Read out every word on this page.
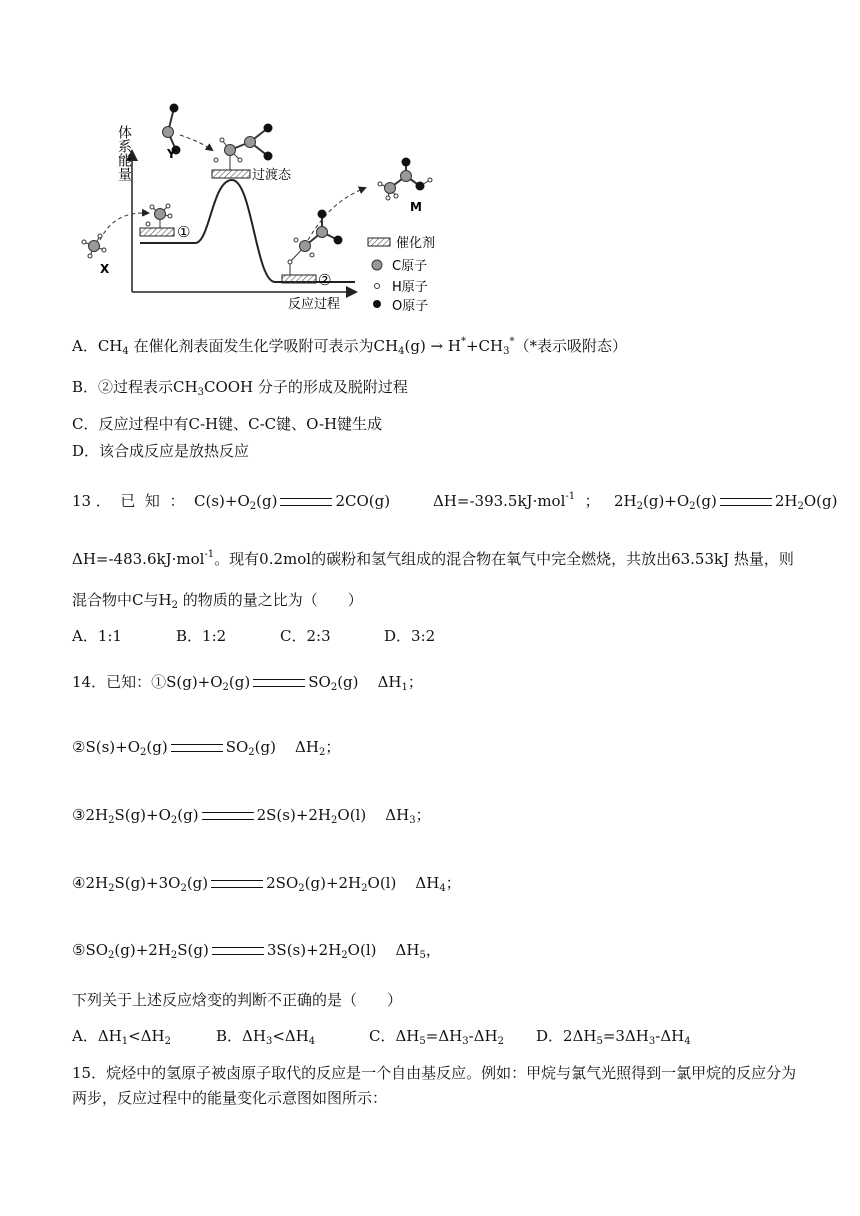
体系能量
反应过程
①
②
过渡态
X
Y
M
催化剂
C原子
H原子
O原子
A．$CH_4$ 在催化剂表面发生化学吸附可表示为$CH_4(g) \to H^*+CH_3^*(*$表示吸附态）
B．②过程表示$CH_3COOH$ 分子的形成及脱附过程
C．反应过程中有C-H键、C-C键、O-H键生成
D．该合成反应是放热反应
13 ．  已  知  ：  $C(s)+O_2(g)$	2CO(g)         ΔH=-393.5kJ·mol$^{-1}$  ；   $2H_2(g)+O_2(g)$	$2H_2O(g)$
ΔH=-483.6kJ·mol$^{-1}$。现有0.2mol的碳粉和氢气组成的混合物在氧气中完全燃烧，共放出63.53kJ 热量，则
混合物中C与$H_2$ 的物质的量之比为（　　）
A．1:1	B．1:2	C．2:3	D．3:2
14．已知：$①S(g)+O_2(g)$	$SO_2(g)$    $\Delta H_1$；
$②S(s)+O_2(g)$	$SO_2(g)$    $\Delta H_2$；
$③2H_2S(g)+O_2(g)$	$2S(s)+2H_2O(l)$    $\Delta H_3$；
$④2H_2S(g)+3O_2(g)$	$2SO_2(g)+2H_2O(l)$    $\Delta H_4$；
$⑤SO_2(g)+2H_2S(g)$	$3S(s)+2H_2O(l)$    $\Delta H_5$，
下列关于上述反应焓变的判断不正确的是（　　）
A．$\Delta H_1<\Delta H_2$	B．$\Delta H_3<\Delta H_4$	C．$\Delta H_5=\Delta H_3-\Delta H_2$ D．$2\Delta H_5=3\Delta H_3-\Delta H_4$
15．烷烃中的氢原子被卤原子取代的反应是一个自由基反应。例如：甲烷与氯气光照得到一氯甲烷的反应分为
两步，反应过程中的能量变化示意图如图所示：
